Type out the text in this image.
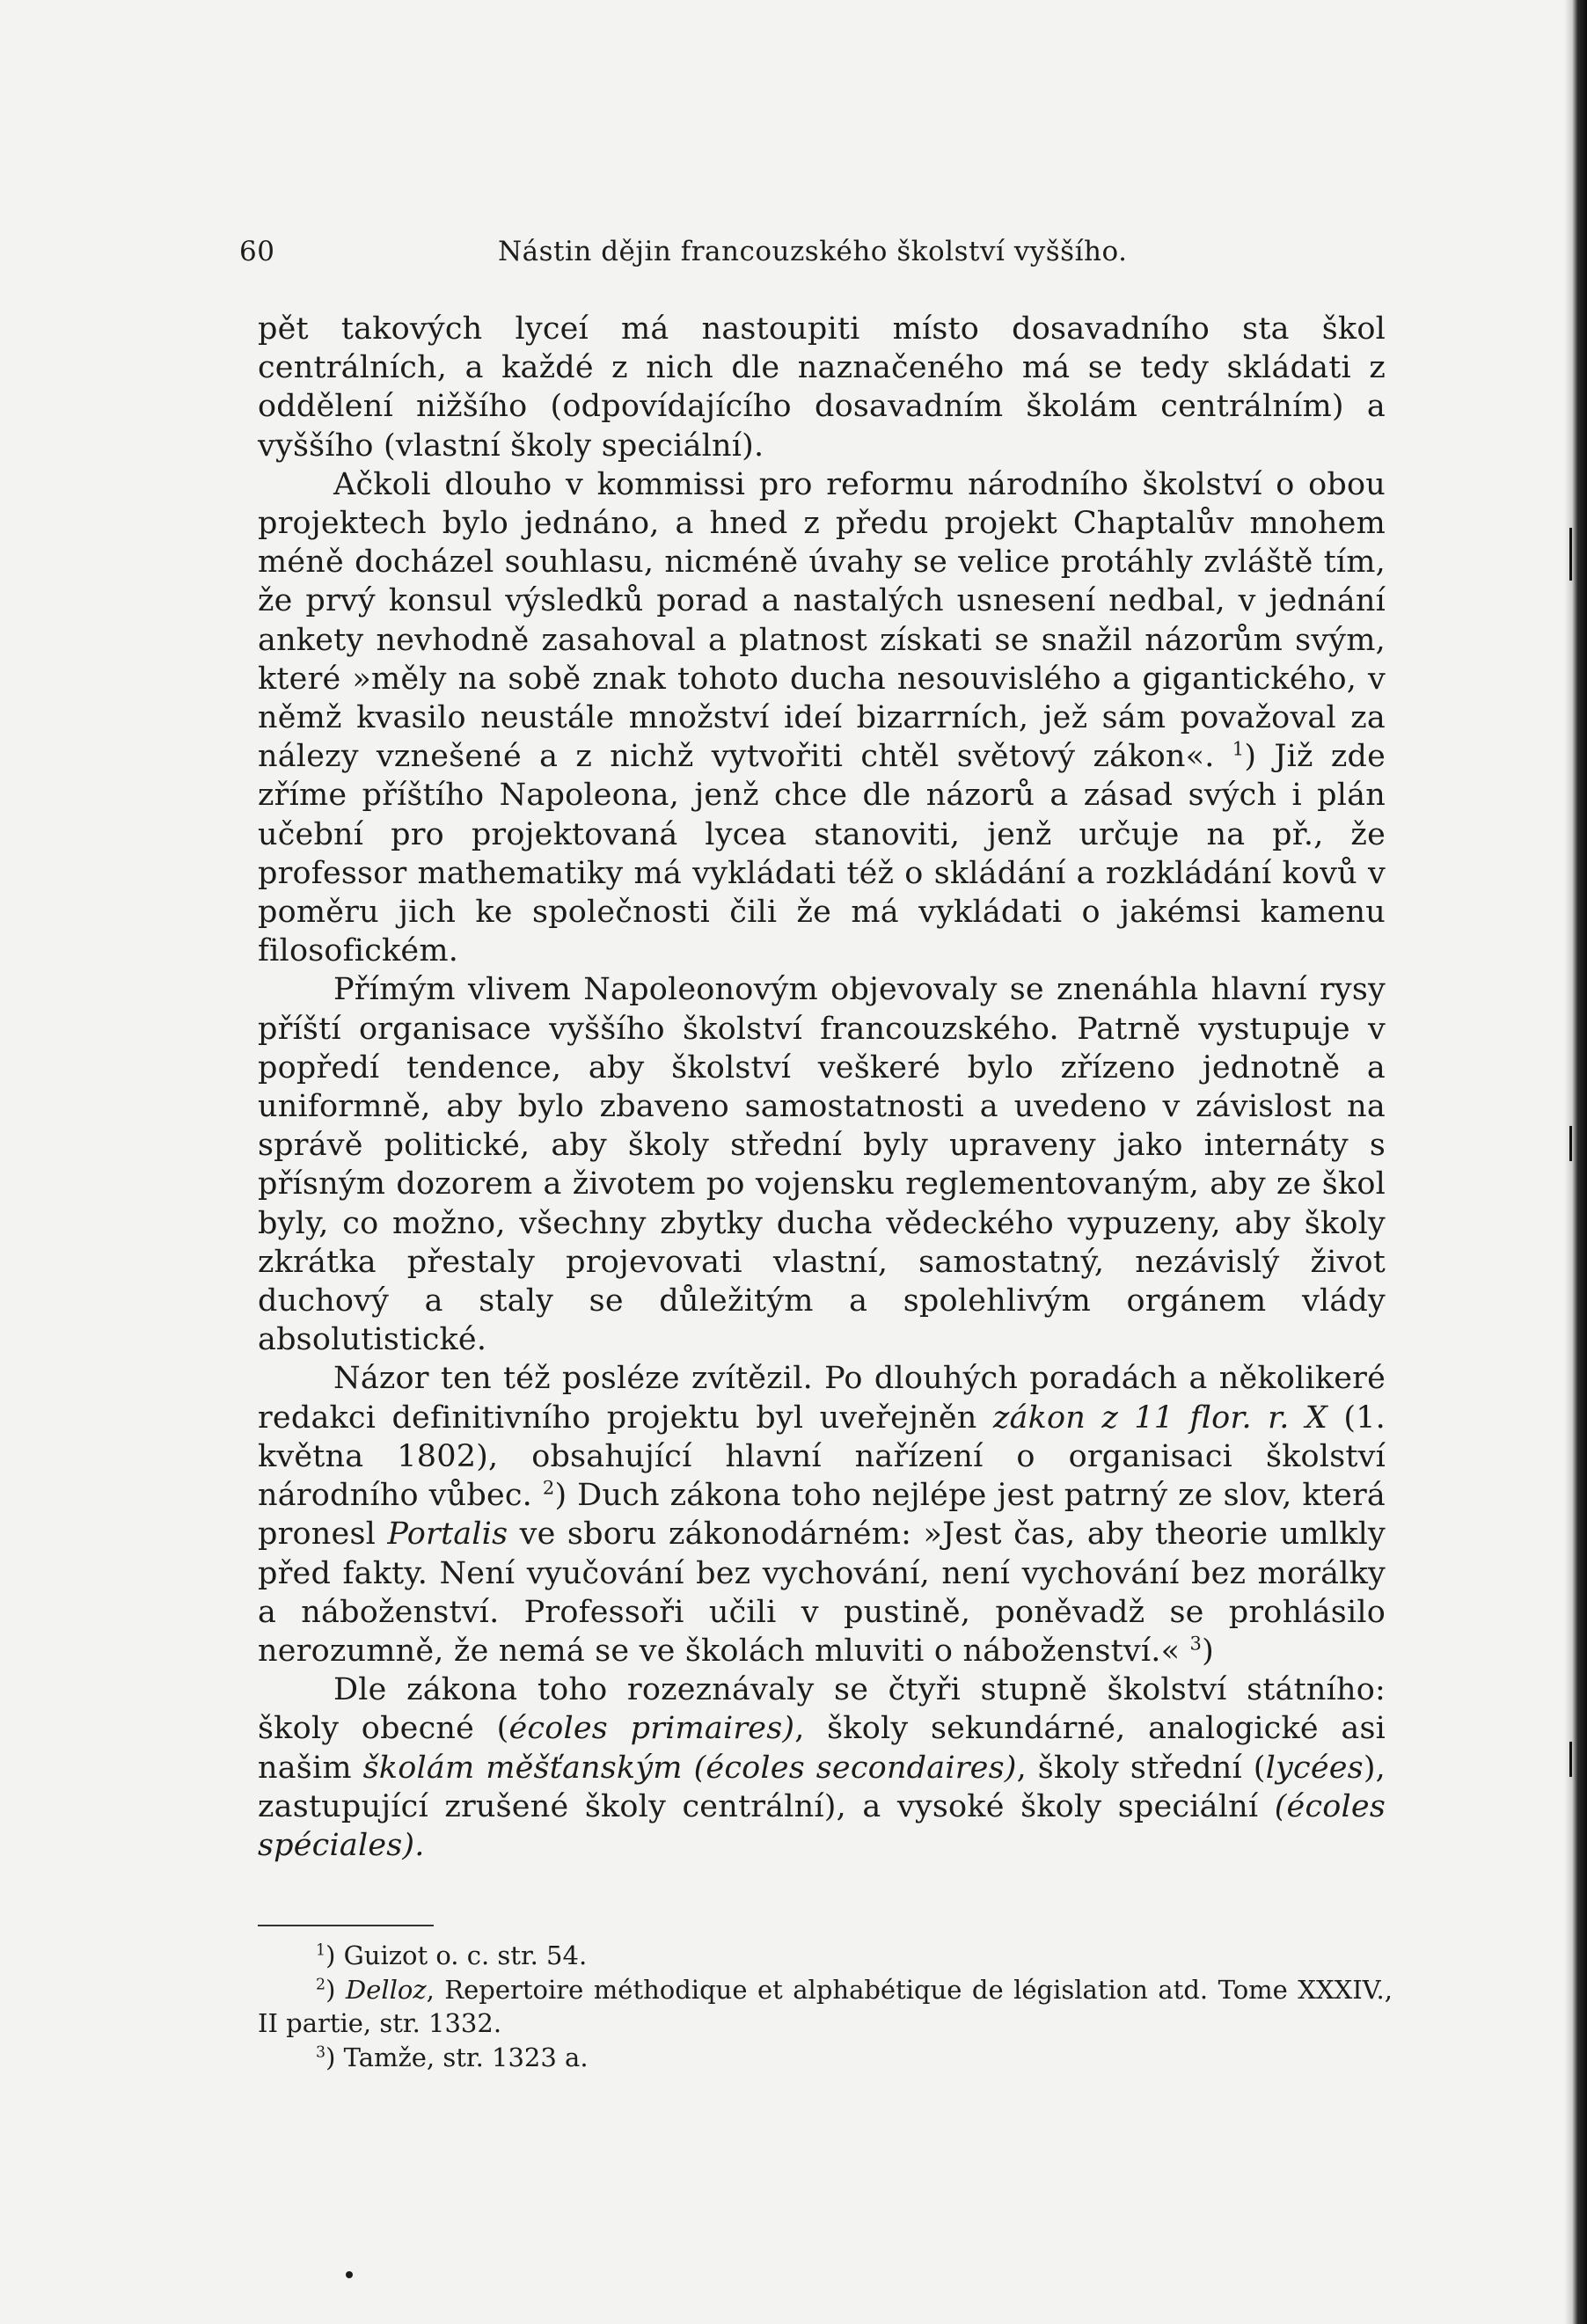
60	Nástin dějin francouzského školství vyššího.

pět takových lyceí má nastoupiti místo dosavadního sta škol centrálních, a každé z nich dle naznačeného má se tedy skládati z oddělení nižšího (odpovídajícího dosavadním školám centrálním) a vyššího (vlastní školy speciální).

Ačkoli dlouho v kommissi pro reformu národního školství o obou projektech bylo jednáno, a hned z předu projekt Chaptalův mnohem méně docházel souhlasu, nicméně úvahy se velice protáhly zvláště tím, že prvý konsul výsledků porad a nastalých usnesení nedbal, v jednání ankety nevhodně zasahoval a platnost získati se snažil názorům svým, které »měly na sobě znak tohoto ducha nesouvislého a gigantického, v němž kvasilo neustále množství ideí bizarrních, jež sám považoval za nálezy vznešené a z nichž vytvořiti chtěl světový zákon«. $^1$) Již zde zříme příštího Napoleona, jenž chce dle názorů a zásad svých i plán učební pro projektovaná lycea stanoviti, jenž určuje na př., že professor mathematiky má vykládati též o skládání a rozkládání kovů v poměru jich ke společnosti čili že má vykládati o jakémsi kamenu filosofickém.

Přímým vlivem Napoleonovým objevovaly se znenáhla hlavní rysy příští organisace vyššího školství francouzského. Patrně vystupuje v popředí tendence, aby školství veškeré bylo zřízeno jednotně a uniformně, aby bylo zbaveno samostatnosti a uvedeno v závislost na správě politické, aby školy střední byly upraveny jako internáty s přísným dozorem a životem po vojensku reglementovaným, aby ze škol byly, co možno, všechny zbytky ducha vědeckého vypuzeny, aby školy zkrátka přestaly projevovati vlastní, samostatný, nezávislý život duchový a staly se důležitým a spolehlivým orgánem vlády absolutistické.

Názor ten též posléze zvítězil. Po dlouhých poradách a několikeré redakci definitivního projektu byl uveřejněn zákon z 11 flor. r. X (1. května 1802), obsahující hlavní nařízení o organisaci školství národního vůbec. $^2$) Duch zákona toho nejlépe jest patrný ze slov, která pronesl Portalis ve sboru zákonodárném: »Jest čas, aby theorie umlkly před fakty. Není vyučování bez vychování, není vychování bez morálky a náboženství. Professoři učili v pustině, poněvadž se prohlásilo nerozumně, že nemá se ve školách mluviti o náboženství.« $^3$)

Dle zákona toho rozeznávaly se čtyři stupně školství státního: školy obecné (écoles primaires), školy sekundárné, analogické asi našim školám měšťanským (écoles secondaires), školy střední (lycées), zastupující zrušené školy centrální), a vysoké školy speciální (écoles spéciales).

$^1$) Guizot o. c. str. 54.

$^2$) Delloz, Repertoire méthodique et alphabétique de législation atd. Tome XXXIV., II partie, str. 1332.

$^3$) Tamže, str. 1323 a.
